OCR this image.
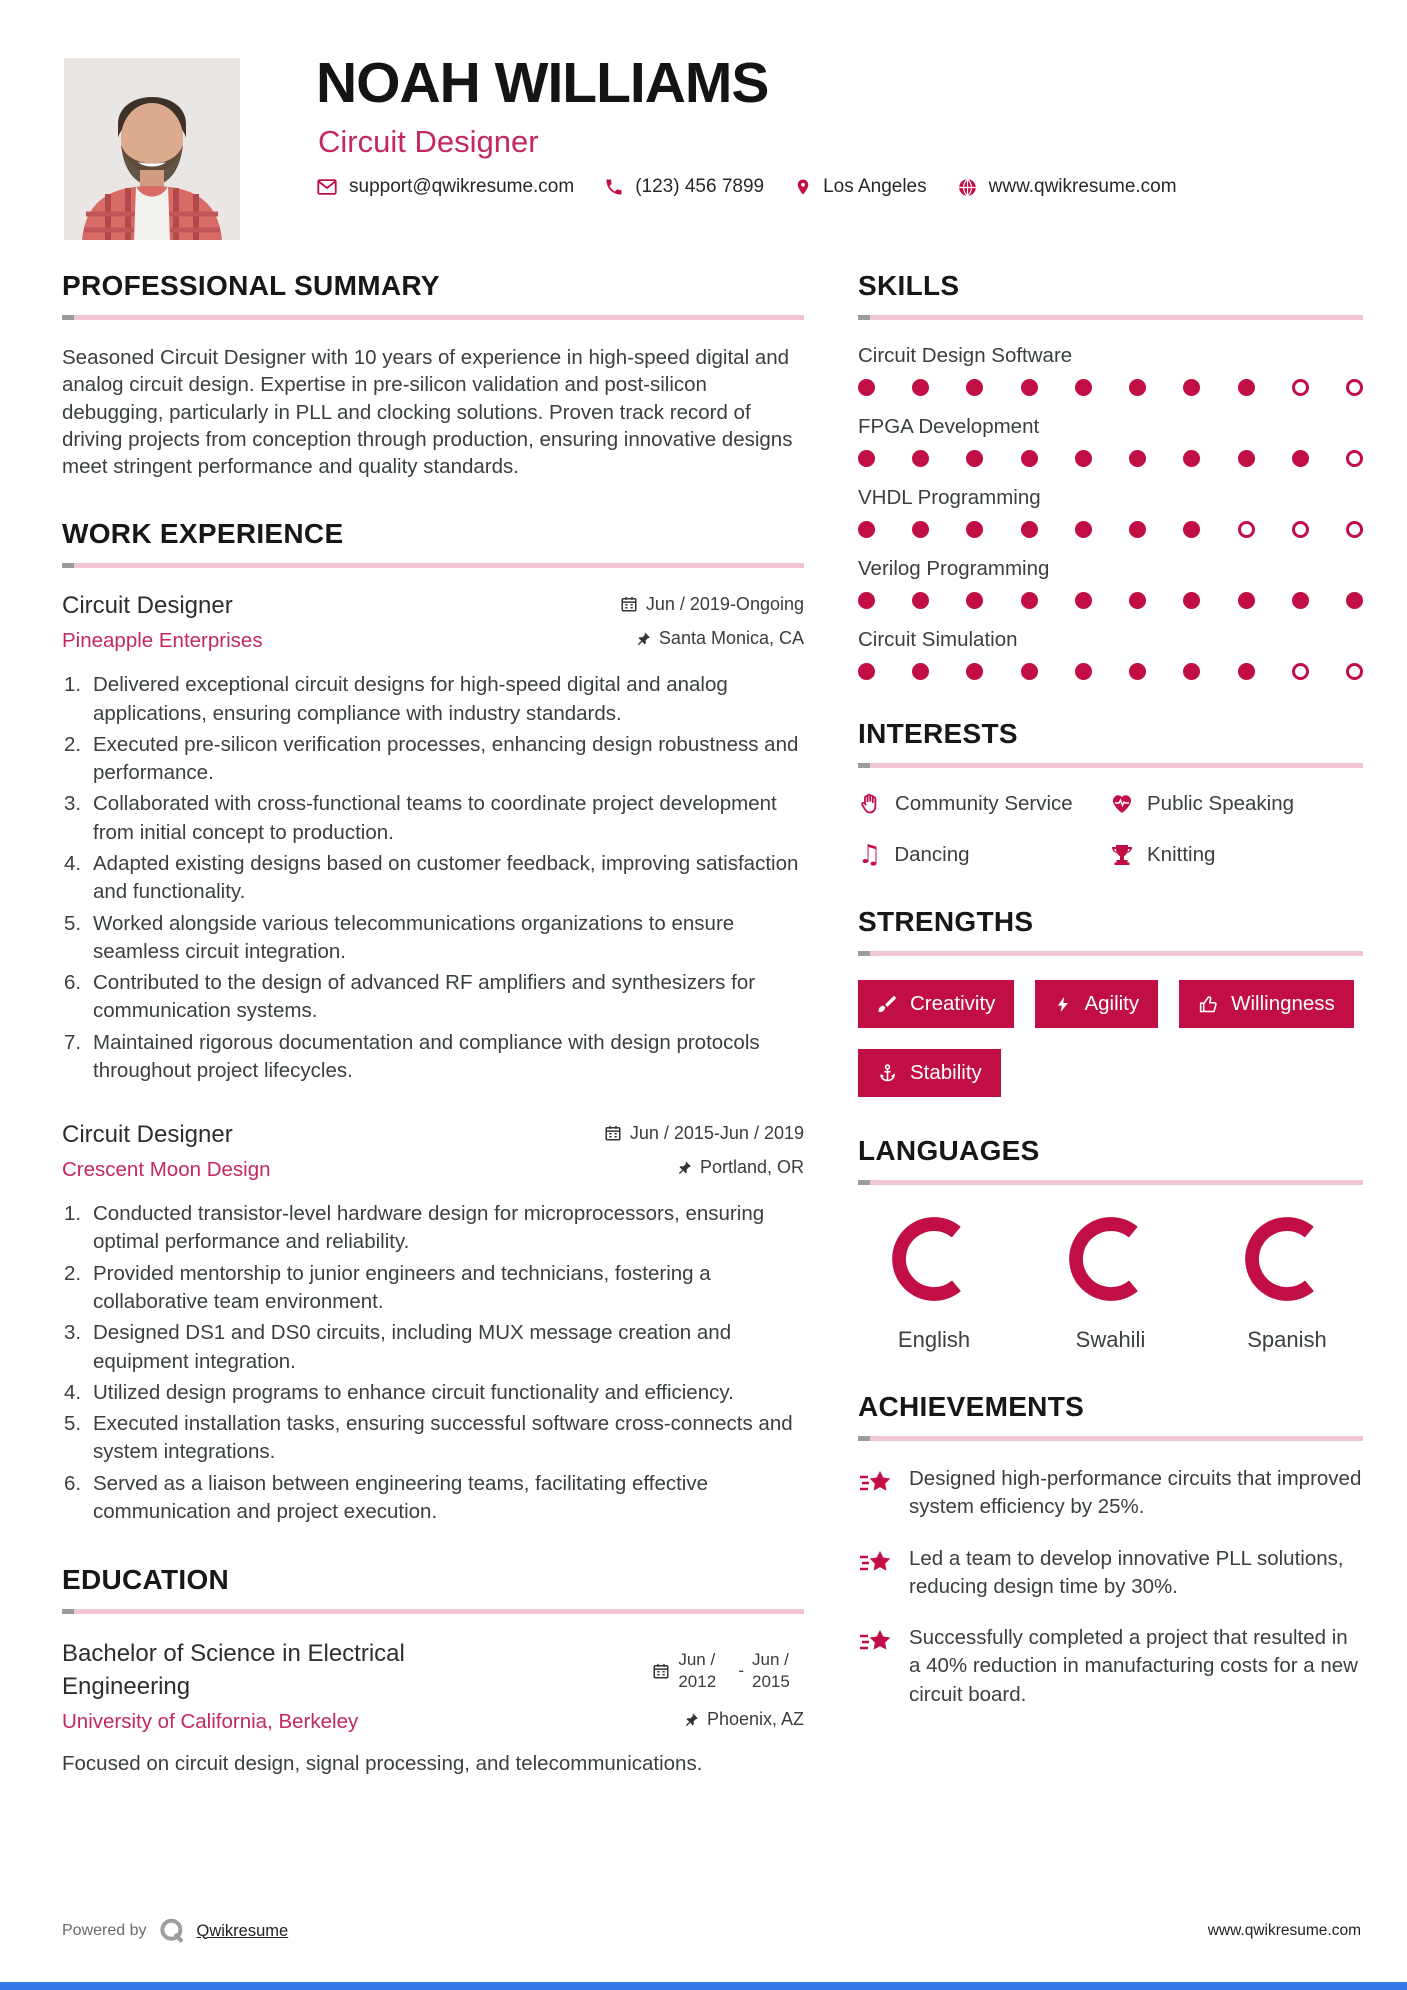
NOAH WILLIAMS
Circuit Designer
support@qwikresume.com	(123) 456 7899	Los Angeles	www.qwikresume.com
PROFESSIONAL SUMMARY
Seasoned Circuit Designer with 10 years of experience in high-speed digital and analog circuit design. Expertise in pre-silicon validation and post-silicon debugging, particularly in PLL and clocking solutions. Proven track record of driving projects from conception through production, ensuring innovative designs meet stringent performance and quality standards.
WORK EXPERIENCE
Circuit Designer	Jun / 2019-Ongoing
Pineapple Enterprises	Santa Monica, CA
Delivered exceptional circuit designs for high-speed digital and analog applications, ensuring compliance with industry standards.
Executed pre-silicon verification processes, enhancing design robustness and performance.
Collaborated with cross-functional teams to coordinate project development from initial concept to production.
Adapted existing designs based on customer feedback, improving satisfaction and functionality.
Worked alongside various telecommunications organizations to ensure seamless circuit integration.
Contributed to the design of advanced RF amplifiers and synthesizers for communication systems.
Maintained rigorous documentation and compliance with design protocols throughout project lifecycles.
Circuit Designer	Jun / 2015-Jun / 2019
Crescent Moon Design	Portland, OR
Conducted transistor-level hardware design for microprocessors, ensuring optimal performance and reliability.
Provided mentorship to junior engineers and technicians, fostering a collaborative team environment.
Designed DS1 and DS0 circuits, including MUX message creation and equipment integration.
Utilized design programs to enhance circuit functionality and efficiency.
Executed installation tasks, ensuring successful software cross-connects and system integrations.
Served as a liaison between engineering teams, facilitating effective communication and project execution.
EDUCATION
Bachelor of Science in Electrical Engineering
Jun / 2012
-
Jun / 2015
University of California, Berkeley	Phoenix, AZ
Focused on circuit design, signal processing, and telecommunications.
SKILLS
Circuit Design Software
FPGA Development
VHDL Programming
Verilog Programming
Circuit Simulation
INTERESTS
Community Service	Public Speaking
♫ Dancing	Knitting
STRENGTHS
Creativity	Agility	Willingness
Stability
LANGUAGES
English	Swahili	Spanish
ACHIEVEMENTS
Designed high-performance circuits that improved system efficiency by 25%.
Led a team to develop innovative PLL solutions, reducing design time by 30%.
Successfully completed a project that resulted in a 40% reduction in manufacturing costs for a new circuit board.
Powered by	Qwikresume	www.qwikresume.com
